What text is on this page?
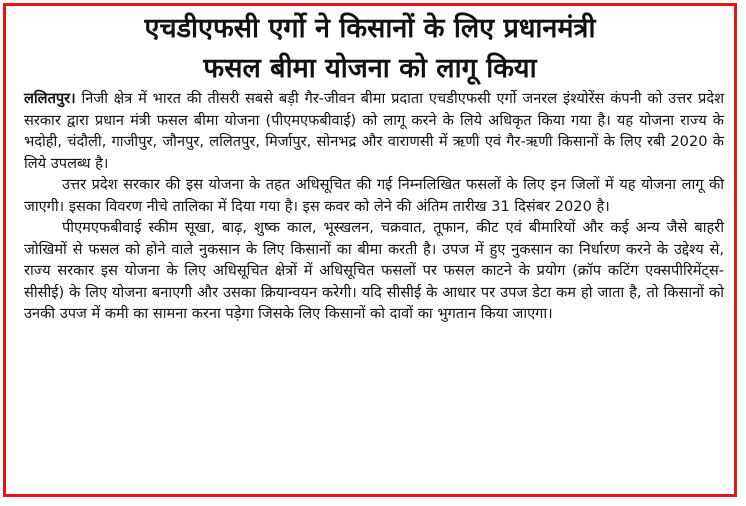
एचडीएफसी एर्गो ने किसानों के लिए प्रधानमंत्री
फसल बीमा योजना को लागू किया

ललितपुर। निजी क्षेत्र में भारत की तीसरी सबसे बड़ी गैर-जीवन बीमा प्रदाता एचडीएफसी एर्गो जनरल इंश्योरेंस कंपनी को उत्तर प्रदेश सरकार द्वारा प्रधान मंत्री फसल बीमा योजना (पीएमएफबीवाई) को लागू करने के लिये अधिकृत किया गया है। यह योजना राज्य के भदोही, चंदौली, गाजीपुर, जौनपुर, ललितपुर, मिर्जापुर, सोनभद्र और वाराणसी में ऋणी एवं गैर-ऋणी किसानों के लिए रबी 2020 के लिये उपलब्ध है।

उत्तर प्रदेश सरकार की इस योजना के तहत अधिसूचित की गई निम्नलिखित फसलों के लिए इन जिलों में यह योजना लागू की जाएगी। इसका विवरण नीचे तालिका में दिया गया है। इस कवर को लेने की अंतिम तारीख 31 दिसंबर 2020 है।

पीएमएफबीवाई स्कीम सूखा, बाढ़, शुष्क काल, भूस्खलन, चक्रवात, तूफान, कीट एवं बीमारियों और कई अन्य जैसे बाहरी जोखिमों से फसल को होने वाले नुकसान के लिए किसानों का बीमा करती है। उपज में हुए नुकसान का निर्धारण करने के उद्देश्य से, राज्य सरकार इस योजना के लिए अधिसूचित क्षेत्रों में अधिसूचित फसलों पर फसल काटने के प्रयोग (क्रॉप कटिंग एक्सपीरिमेंट्स-सीसीई) के लिए योजना बनाएगी और उसका क्रियान्वयन करेगी। यदि सीसीई के आधार पर उपज डेटा कम हो जाता है, तो किसानों को उनकी उपज में कमी का सामना करना पड़ेगा जिसके लिए किसानों को दावों का भुगतान किया जाएगा।
